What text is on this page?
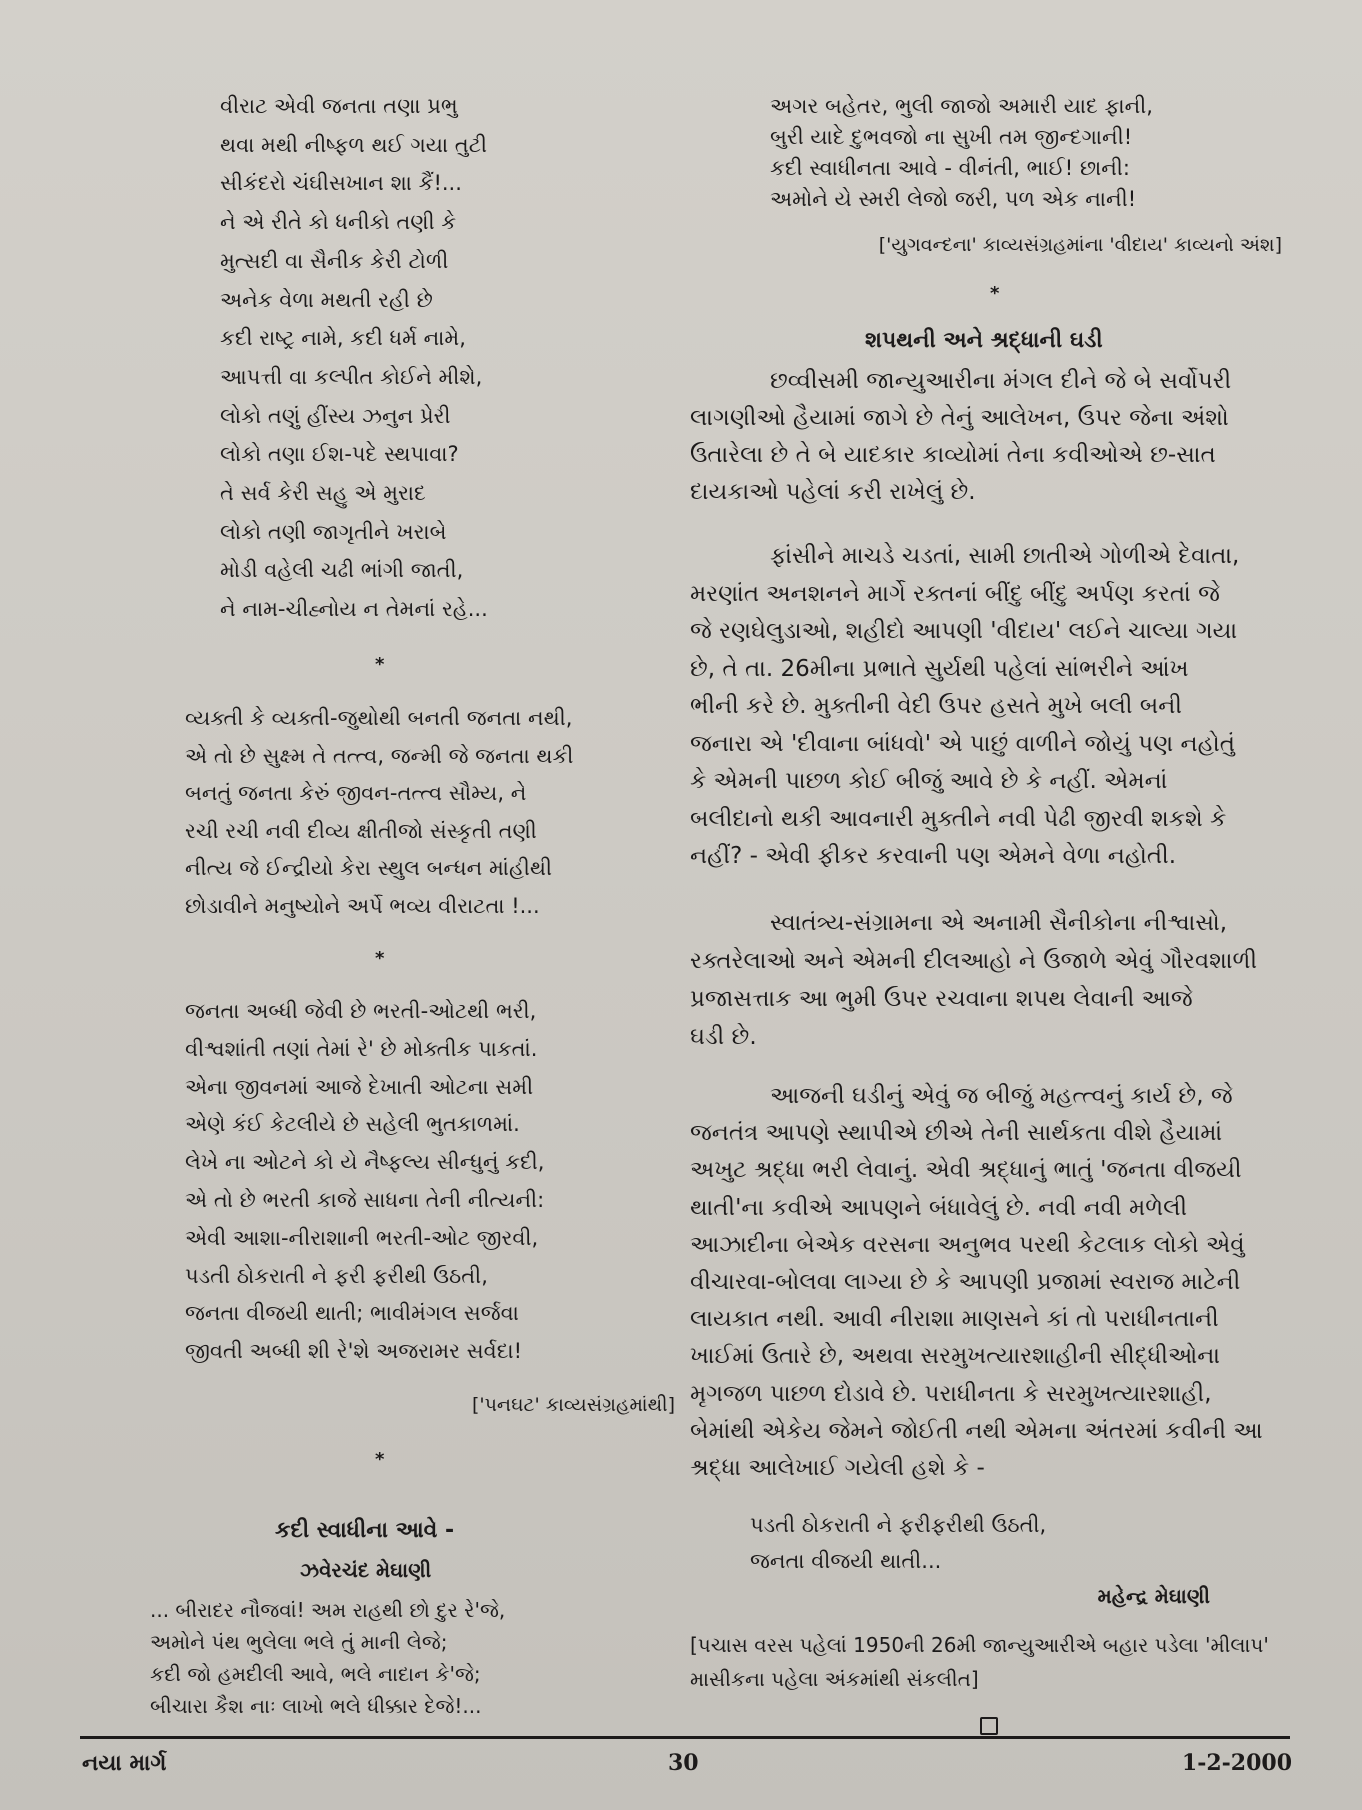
વીરાટ એવી જનતા તણા પ્રભુ
થવા મથી નીષ્ફળ થઈ ગયા તુટી
સીકંદરો ચંઘીસખાન શા કૈં!...
ને એ રીતે કો ધનીકો તણી કે
મુત્સદી વા સૈનીક કેરી ટોળી
અનેક વેળા મથતી રહી છે
કદી રાષ્ટ્ર નામે, કદી ધર્મ નામે,
આપત્તી વા કલ્પીત કોઈને મીશે,
લોકો તણું હીંસ્ય ઝનુન પ્રેરી
લોકો તણા ઈશ-પદે સ્થપાવા?
તે સર્વ કેરી સહુ એ મુરાદ
લોકો તણી જાગૃતીને ખરાબે
મોડી વહેલી ચઢી ભાંગી જાતી,
ને નામ-ચીહ્નોય ન તેમનાં રહે...
*
વ્યક્તી કે વ્યક્તી-જુથોથી બનતી જનતા નથી,
એ તો છે સુક્ષ્મ તે તત્ત્વ, જન્મી જે જનતા થકી
બનતું જનતા કેરું જીવન-તત્ત્વ સૌમ્ય, ને
રચી રચી નવી દીવ્ય ક્ષીતીજો સંસ્કૃતી તણી
નીત્ય જે ઈન્દ્રીયો કેરા સ્થુલ બન્ધન માંહીથી
છોડાવીને મનુષ્યોને અર્પે ભવ્ય વીરાટતા !...
*
જનતા અબ્ધી જેવી છે ભરતી-ઓટથી ભરી,
વીશ્વશાંતી તણાં તેમાં રે' છે મોક્તીક પાકતાં.
એના જીવનમાં આજે દેખાતી ઓટના સમી
એણે કંઈ કેટલીયે છે સહેલી ભુતકાળમાં.
લેખે ના ઓટને કો યે નૈષ્ફલ્ય સીન્ધુનું કદી,
એ તો છે ભરતી કાજે સાધના તેની નીત્યની:
એવી આશા-નીરાશાની ભરતી-ઓટ જીરવી,
પડતી ઠોકરાતી ને ફરી ફરીથી ઉઠતી,
જનતા વીજયી થાતી; ભાવીમંગલ સર્જવા
જીવતી અબ્ધી શી રે'શે અજરામર સર્વદા!
['પનઘટ' કાવ્યસંગ્રહમાંથી]
*
કદી સ્વાધીના આવે -
ઝવેરચંદ મેઘાણી
... બીરાદર નૌજવાં! અમ રાહથી છો દુર રે'જે,
અમોને પંથ ભુલેલા ભલે તું માની લેજે;
કદી જો હમદીલી આવે, ભલે નાદાન કે'જે;
બીચારા કૈશ નાઃ લાખો ભલે ધીક્કાર દેજે!...
અગર બહેતર, ભુલી જાજો અમારી યાદ ફાની,
બુરી યાદે દુભવજો ના સુખી તમ જીન્દગાની!
કદી સ્વાધીનતા આવે - વીનંતી, ભાઈ! છાની:
અમોને યે સ્મરી લેજો જરી, પળ એક નાની!
['યુગવન્દના' કાવ્યસંગ્રહમાંના 'વીદાય' કાવ્યનો અંશ]
*
શપથની અને શ્રદ્ધાની ઘડી
છવ્વીસમી જાન્યુઆરીના મંગલ દીને જે બે સર્વોપરી
લાગણીઓ હૈયામાં જાગે છે તેનું આલેખન, ઉપર જેના અંશો
ઉતારેલા છે તે બે યાદકાર કાવ્યોમાં તેના કવીઓએ છ-સાત
દાયકાઓ પહેલાં કરી રાખેલું છે.
ફાંસીને માચડે ચડતાં, સામી છાતીએ ગોળીએ દેવાતા,
મરણાંત અનશનને માર્ગે રક્તનાં બીંદુ બીંદુ અર્પણ કરતાં જે
જે રણઘેલુડાઓ, શહીદો આપણી 'વીદાય' લઈને ચાલ્યા ગયા
છે, તે તા. 26મીના પ્રભાતે સુર્યથી પહેલાં સાંભરીને આંખ
ભીની કરે છે. મુક્તીની વેદી ઉપર હસતે મુખે બલી બની
જનારા એ 'દીવાના બાંધવો' એ પાછું વાળીને જોયું પણ નહોતું
કે એમની પાછળ કોઈ બીજું આવે છે કે નહીં. એમનાં
બલીદાનો થકી આવનારી મુક્તીને નવી પેઢી જીરવી શકશે કે
નહીં? - એવી ફીકર કરવાની પણ એમને વેળા નહોતી.
સ્વાતંત્ર્ય-સંગ્રામના એ અનામી સૈનીકોના નીશ્વાસો,
રક્તરેલાઓ અને એમની દીલઆહો ને ઉજાળે એવું ગૌરવશાળી
પ્રજાસત્તાક આ ભુમી ઉપર રચવાના શપથ લેવાની આજે
ઘડી છે.
આજની ઘડીનું એવું જ બીજું મહત્ત્વનું કાર્ય છે, જે
જનતંત્ર આપણે સ્થાપીએ છીએ તેની સાર્થકતા વીશે હૈયામાં
અખુટ શ્રદ્ધા ભરી લેવાનું. એવી શ્રદ્ધાનું ભાતું 'જનતા વીજયી
થાતી'ના કવીએ આપણને બંધાવેલું છે. નવી નવી મળેલી
આઝાદીના બેએક વરસના અનુભવ પરથી કેટલાક લોકો એવું
વીચારવા-બોલવા લાગ્યા છે કે આપણી પ્રજામાં સ્વરાજ માટેની
લાયકાત નથી. આવી નીરાશા માણસને કાં તો પરાધીનતાની
ખાઈમાં ઉતારે છે, અથવા સરમુખત્યારશાહીની સીદ્ધીઓના
મૃગજળ પાછળ દોડાવે છે. પરાધીનતા કે સરમુખત્યારશાહી,
બેમાંથી એકેય જેમને જોઈતી નથી એમના અંતરમાં કવીની આ
શ્રદ્ધા આલેખાઈ ગયેલી હશે કે -
પડતી ઠોકરાતી ને ફરીફરીથી ઉઠતી,
જનતા વીજયી થાતી...
મહેન્દ્ર મેઘાણી
[પચાસ વરસ પહેલાં 1950ની 26મી જાન્યુઆરીએ બહાર પડેલા 'મીલાપ'
માસીકના પહેલા અંકમાંથી સંકલીત]
નયા માર્ગ	30	1-2-2000
